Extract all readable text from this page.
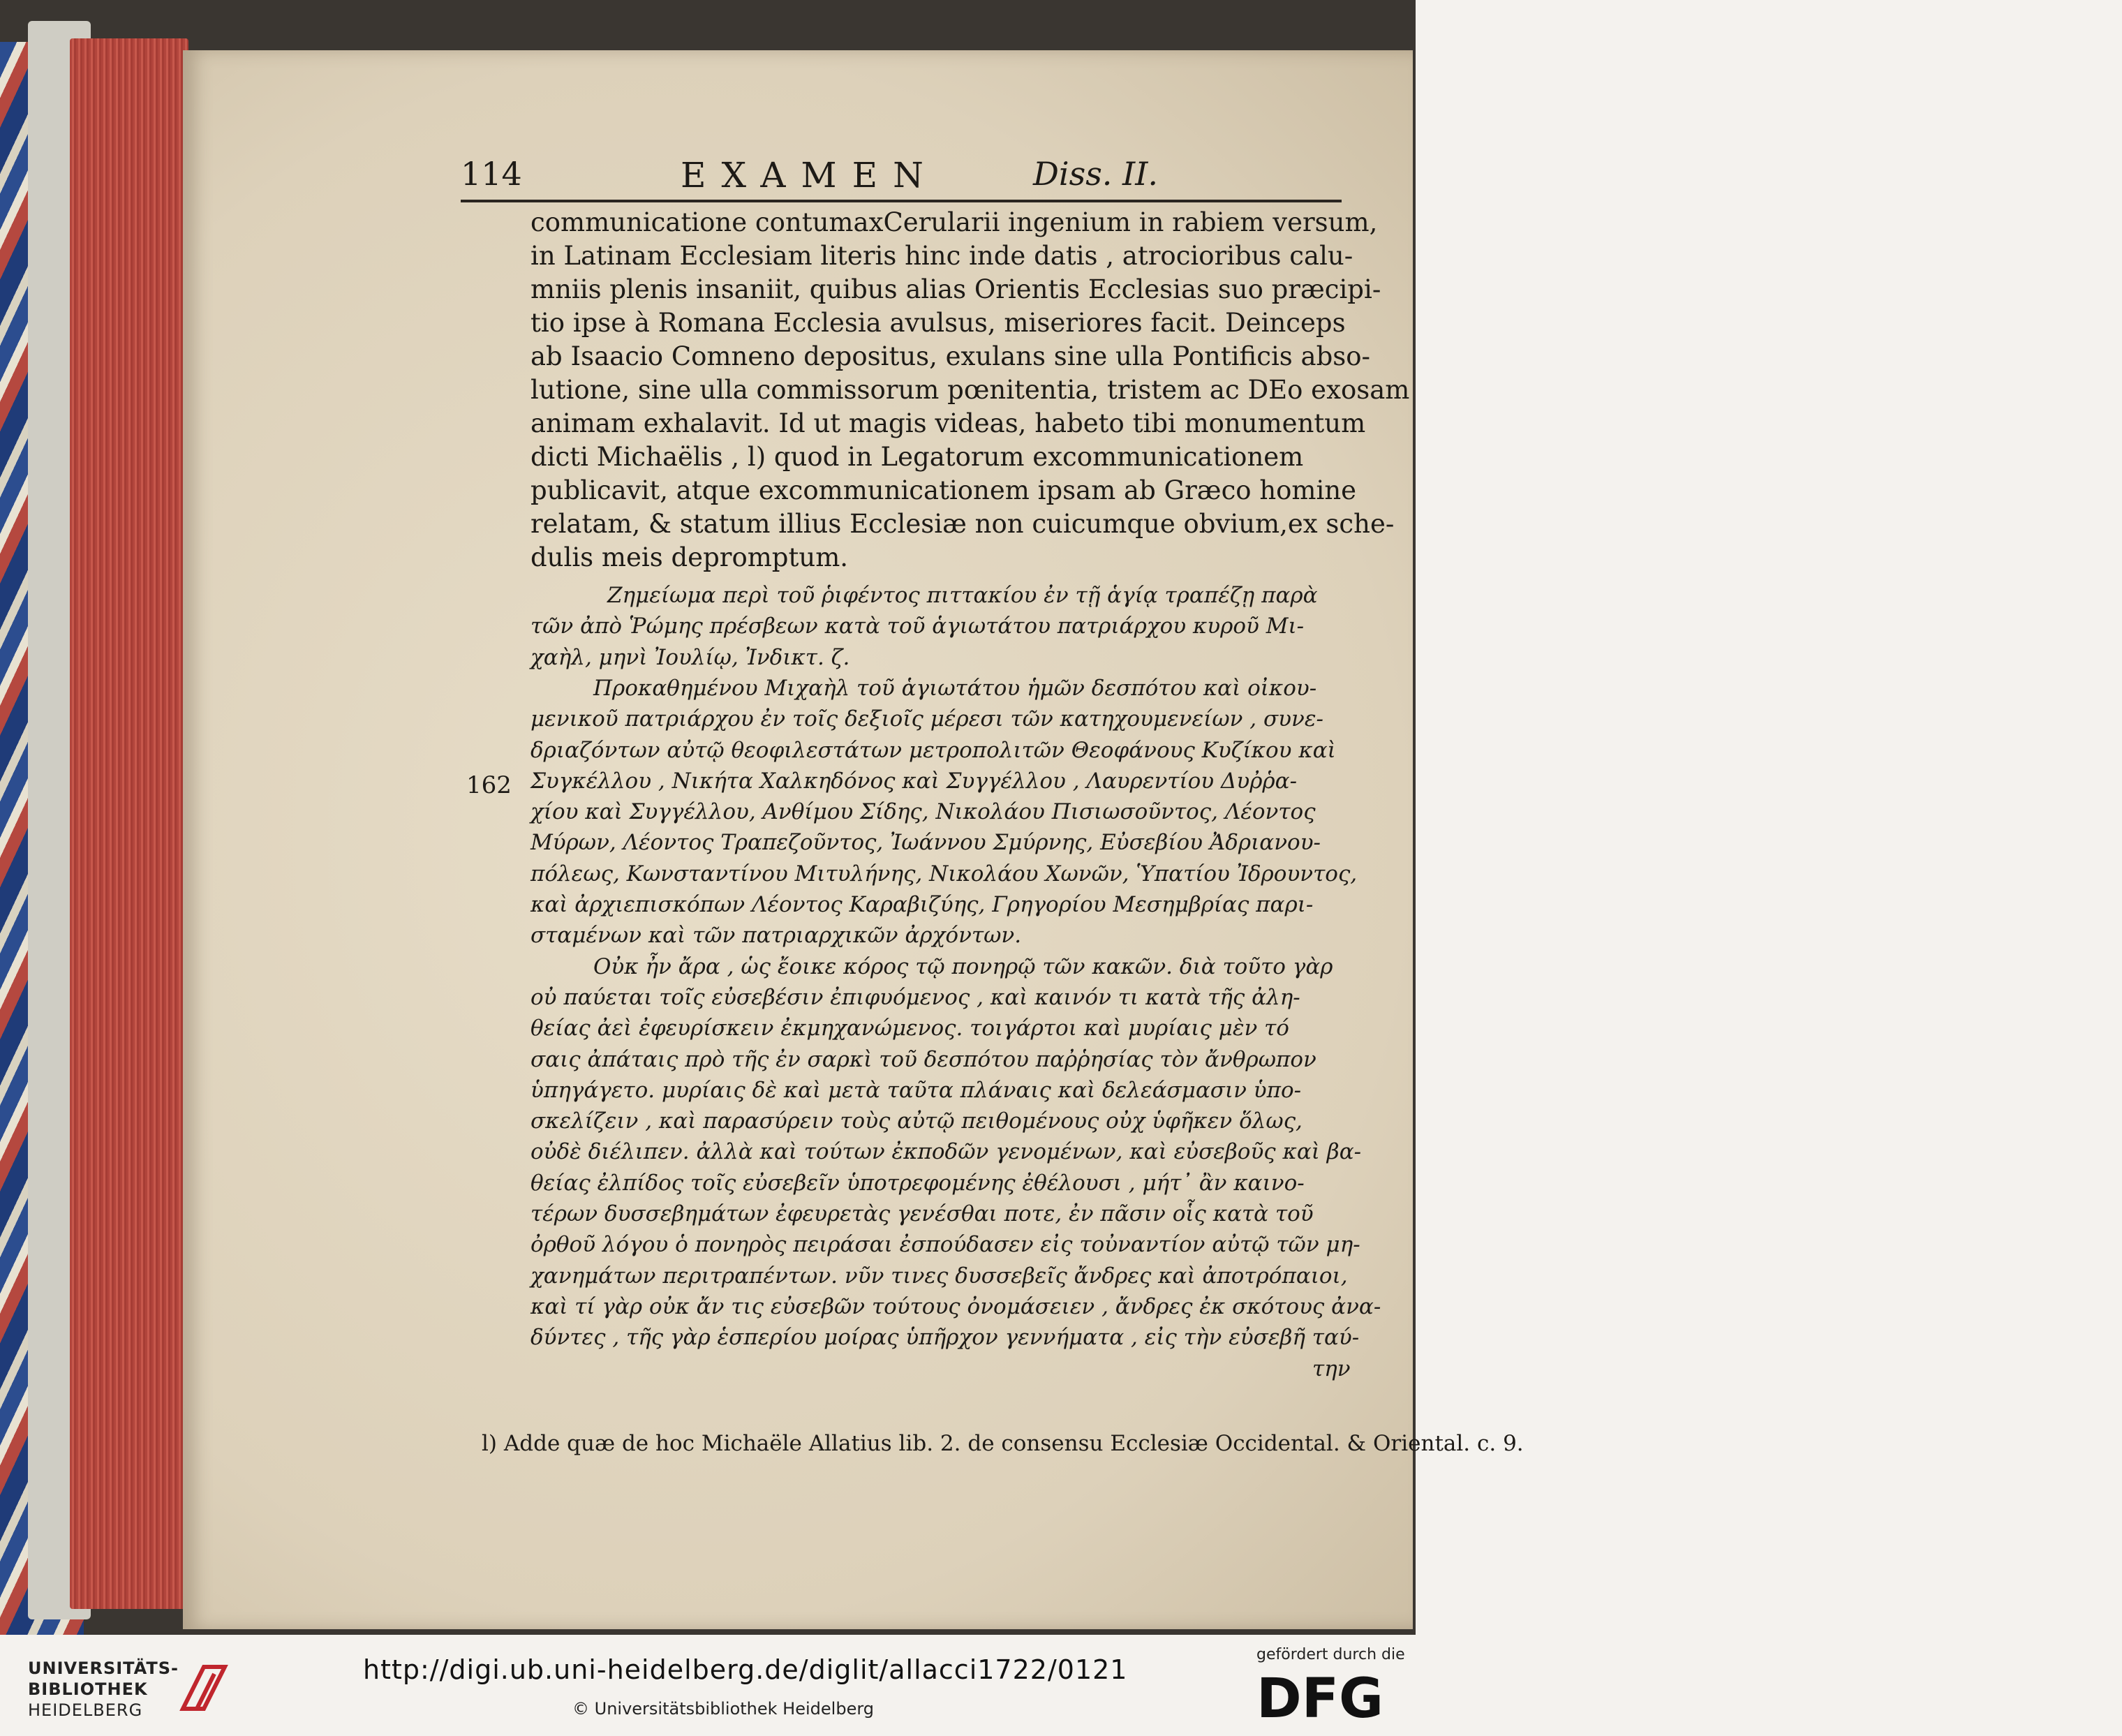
114	EXAMEN	Diss. II.
162
l) Adde quæ de hoc Michaële Allatius lib. 2. de consensu Ecclesiæ Occidental. & Oriental. c. 9.
communicatione contumaxCerularii ingenium in rabiem versum,
in Latinam Ecclesiam literis hinc inde datis , atrocioribus calu-
mniis plenis insaniit, quibus alias Orientis Ecclesias suo præcipi-
tio ipse à Romana Ecclesia avulsus, miseriores facit. Deinceps
ab Isaacio Comneno depositus, exulans sine ulla Pontificis abso-
lutione, sine ulla commissorum pœnitentia, tristem ac DEo exosam
animam exhalavit. Id ut magis videas, habeto tibi monumentum
dicti Michaëlis , l) quod in Legatorum excommunicationem
publicavit, atque excommunicationem ipsam ab Græco homine
relatam, & statum illius Ecclesiæ non cuicumque obvium,ex sche-
dulis meis depromptum.
Ζημείωμα περὶ τοῦ ῥιφέντος πιττακίου ἐν τῇ ἁγίᾳ τραπέζῃ παρὰ
τῶν ἀπὸ Ῥώμης πρέσβεων κατὰ τοῦ ἁγιωτάτου πατριάρχου κυροῦ Μι-
χαὴλ, μηνὶ Ἰουλίῳ, Ἰνδικτ. ζ.
Προκαθημένου Μιχαὴλ τοῦ ἁγιωτάτου ἡμῶν δεσπότου καὶ οἰκου-
μενικοῦ πατριάρχου ἐν τοῖς δεξιοῖς μέρεσι τῶν κατηχουμενείων , συνε-
δριαζόντων αὐτῷ θεοφιλεστάτων μετροπολιτῶν Θεοφάνους Κυζίκου καὶ
Συγκέλλου , Νικήτα Χαλκηδόνος καὶ Συγγέλλου , Λαυρεντίου Δυῤῥα-
χίου καὶ Συγγέλλου, Ανθίμου Σίδης, Νικολάου Πισιωσοῦντος, Λέοντος
Μύρων, Λέοντος Τραπεζοῦντος, Ἰωάννου Σμύρνης, Εὐσεβίου Ἀδριανου-
πόλεως, Κωνσταντίνου Μιτυλήνης, Νικολάου Χωνῶν, Ὑπατίου Ἰδρουντος,
καὶ ἀρχιεπισκόπων Λέοντος Καραβιζύης, Γρηγορίου Μεσημβρίας παρι-
σταμένων καὶ τῶν πατριαρχικῶν ἀρχόντων.
Οὐκ ἦν ἄρα , ὡς ἔοικε κόρος τῷ πονηρῷ τῶν κακῶν. διὰ τοῦτο γὰρ
οὐ παύεται τοῖς εὐσεβέσιν ἐπιφυόμενος , καὶ καινόν τι κατὰ τῆς ἀλη-
θείας ἀεὶ ἐφευρίσκειν ἐκμηχανώμενος. τοιγάρτοι καὶ μυρίαις μὲν τό
σαις ἀπάταις πρὸ τῆς ἐν σαρκὶ τοῦ δεσπότου παῤῥησίας τὸν ἄνθρωπον
ὑπηγάγετο. μυρίαις δὲ καὶ μετὰ ταῦτα πλάναις καὶ δελεάσμασιν ὑπο-
σκελίζειν , καὶ παρασύρειν τοὺς αὐτῷ πειθομένους οὐχ ὑφῆκεν ὅλως,
οὐδὲ διέλιπεν. ἀλλὰ καὶ τούτων ἐκποδῶν γενομένων, καὶ εὐσεβοῦς καὶ βα-
θείας ἐλπίδος τοῖς εὐσεβεῖν ὑποτρεφομένης ἐθέλουσι , μήτ᾽ ἂν καινο-
τέρων δυσσεβημάτων ἐφευρετὰς γενέσθαι ποτε, ἐν πᾶσιν οἷς κατὰ τοῦ
ὀρθοῦ λόγου ὁ πονηρὸς πειράσαι ἐσπούδασεν εἰς τοὐναντίον αὐτῷ τῶν μη-
χανημάτων περιτραπέντων. νῦν τινες δυσσεβεῖς ἄνδρες καὶ ἀποτρόπαιοι,
καὶ τί γὰρ οὐκ ἄν τις εὐσεβῶν τούτους ὀνομάσειεν , ἄνδρες ἐκ σκότους ἀνα-
δύντες , τῆς γὰρ ἑσπερίου μοίρας ὑπῆρχον γεννήματα , εἰς τὴν εὐσεβῆ ταύ-
την
UNIVERSITÄTS-
BIBLIOTHEK
HEIDELBERG
http://digi.ub.uni-heidelberg.de/diglit/allacci1722/0121
© Universitätsbibliothek Heidelberg
gefördert durch die
DFG
